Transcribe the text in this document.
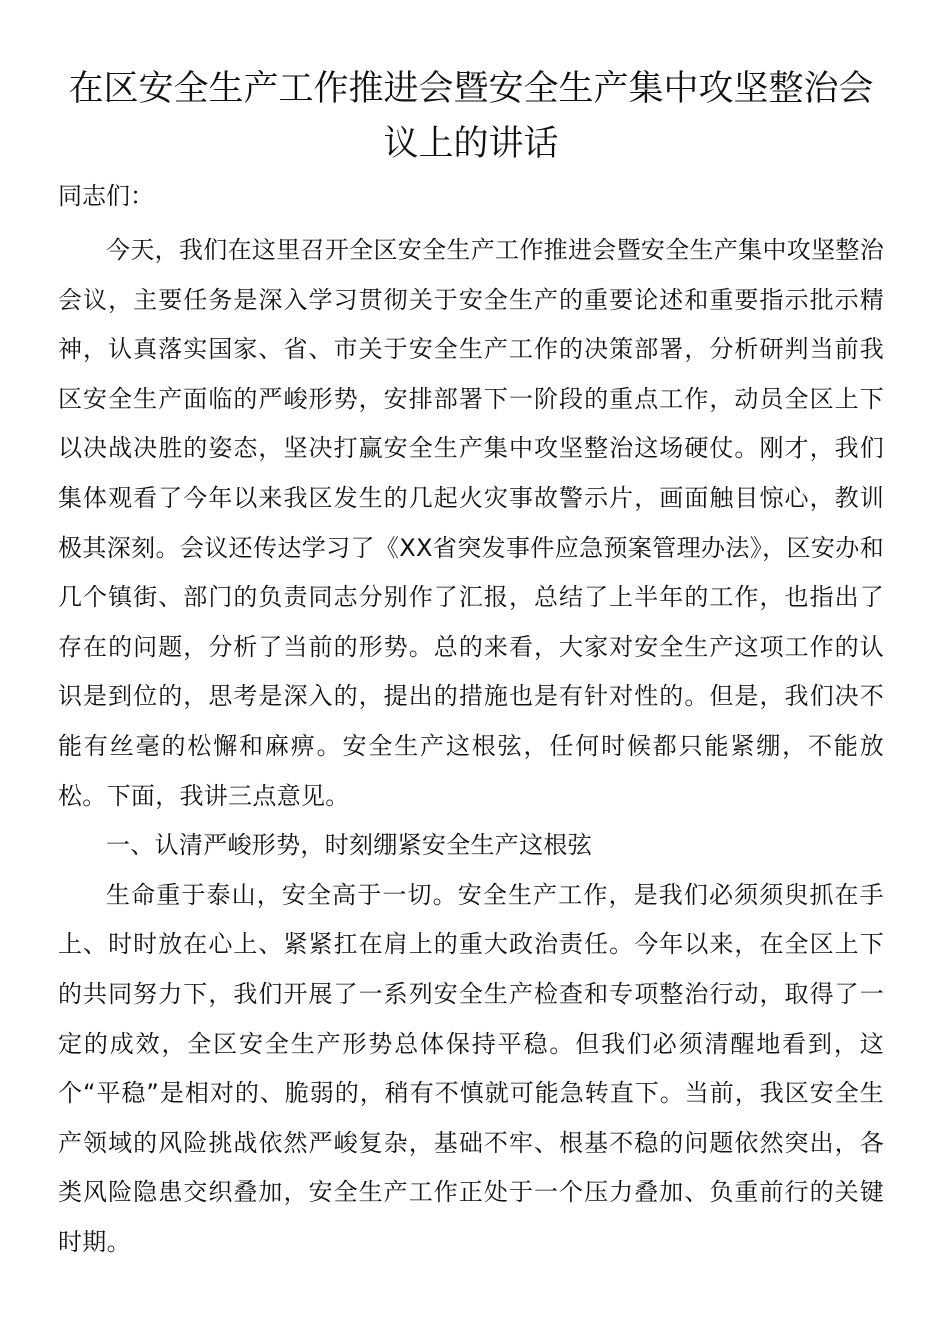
在区安全生产工作推进会暨安全生产集中攻坚整治会议上的讲话

同志们：

今天，我们在这里召开全区安全生产工作推进会暨安全生产集中攻坚整治会议，主要任务是深入学习贯彻关于安全生产的重要论述和重要指示批示精神，认真落实国家、省、市关于安全生产工作的决策部署，分析研判当前我区安全生产面临的严峻形势，安排部署下一阶段的重点工作，动员全区上下以决战决胜的姿态，坚决打赢安全生产集中攻坚整治这场硬仗。刚才，我们集体观看了今年以来我区发生的几起火灾事故警示片，画面触目惊心，教训极其深刻。会议还传达学习了《XX省突发事件应急预案管理办法》，区安办和几个镇街、部门的负责同志分别作了汇报，总结了上半年的工作，也指出了存在的问题，分析了当前的形势。总的来看，大家对安全生产这项工作的认识是到位的，思考是深入的，提出的措施也是有针对性的。但是，我们决不能有丝毫的松懈和麻痹。安全生产这根弦，任何时候都只能紧绷，不能放松。下面，我讲三点意见。

一、认清严峻形势，时刻绷紧安全生产这根弦

生命重于泰山，安全高于一切。安全生产工作，是我们必须须臾抓在手上、时时放在心上、紧紧扛在肩上的重大政治责任。今年以来，在全区上下的共同努力下，我们开展了一系列安全生产检查和专项整治行动，取得了一定的成效，全区安全生产形势总体保持平稳。但我们必须清醒地看到，这个“平稳”是相对的、脆弱的，稍有不慎就可能急转直下。当前，我区安全生产领域的风险挑战依然严峻复杂，基础不牢、根基不稳的问题依然突出，各类风险隐患交织叠加，安全生产工作正处于一个压力叠加、负重前行的关键时期。
